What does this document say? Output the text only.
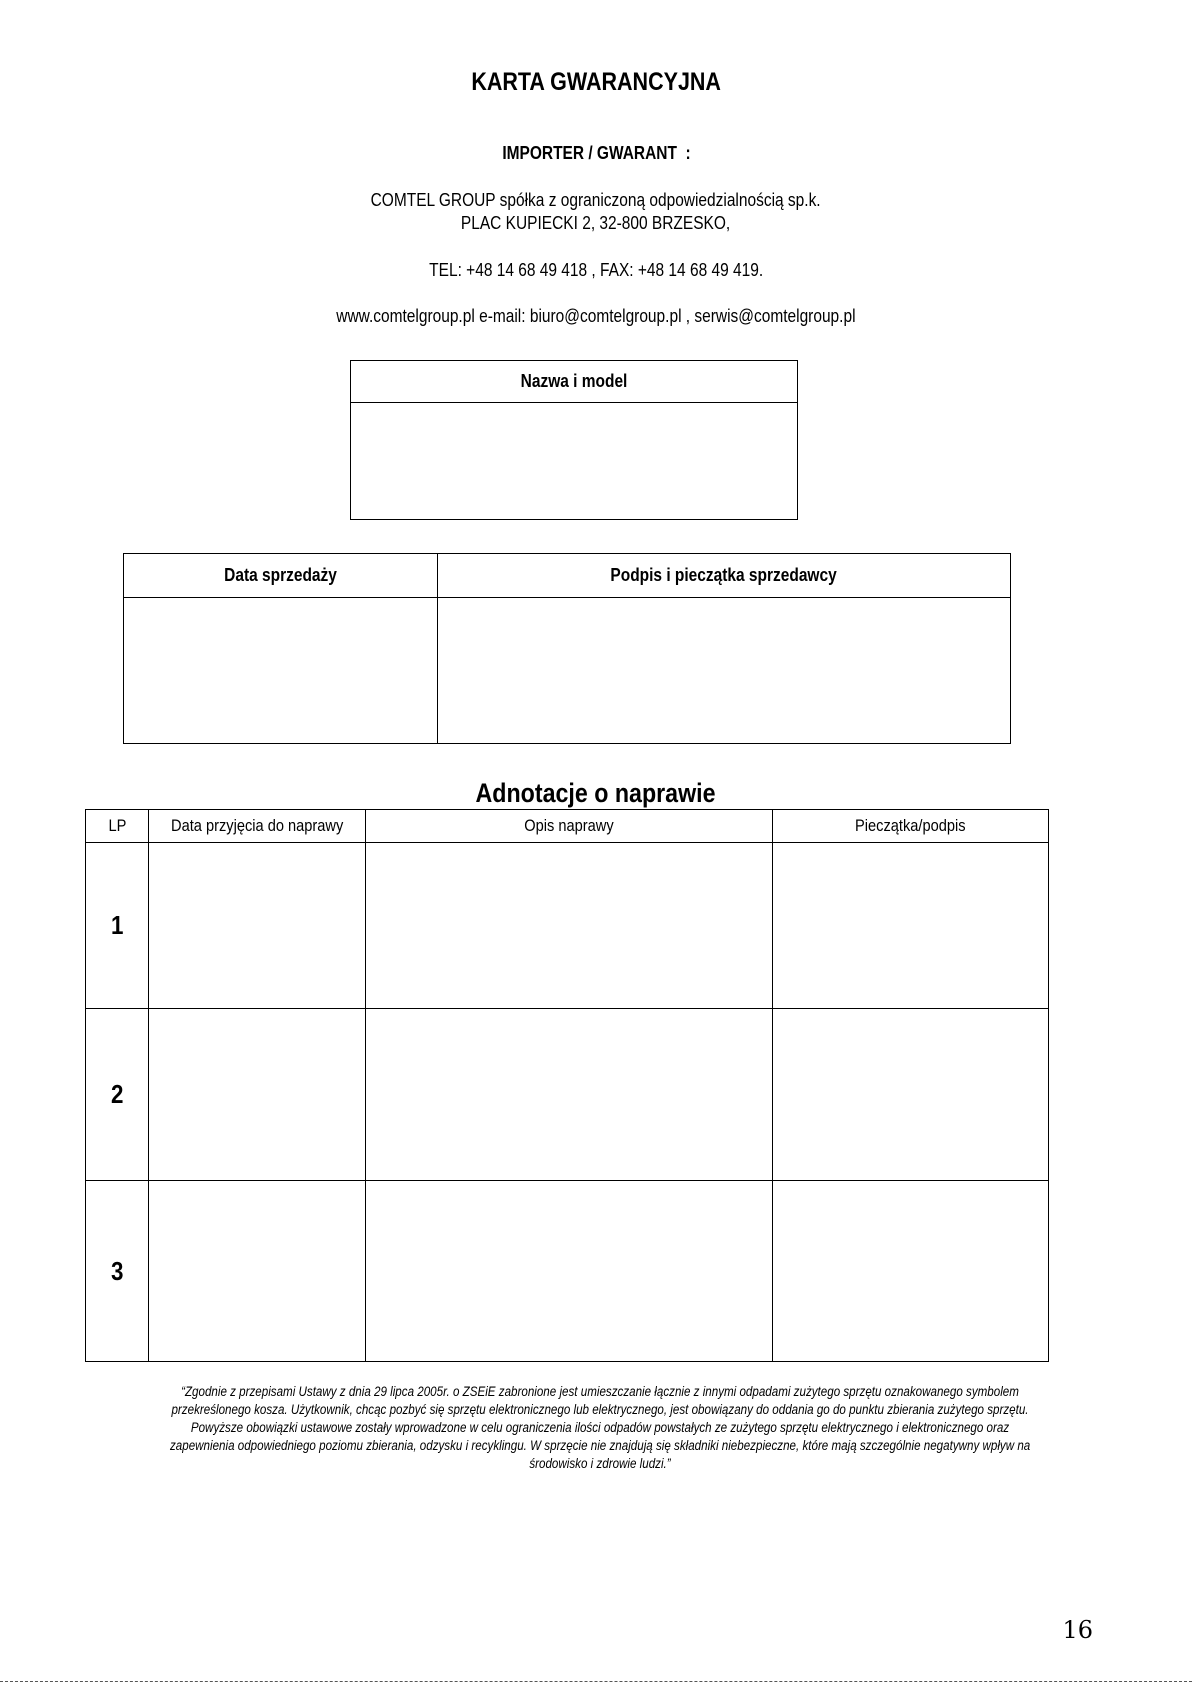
KARTA GWARANCYJNA
IMPORTER / GWARANT  :
COMTEL GROUP spółka z ograniczoną odpowiedzialnością sp.k.
PLAC KUPIECKI 2, 32-800 BRZESKO,
TEL: +48 14 68 49 418 , FAX: +48 14 68 49 419.
www.comtelgroup.pl e-mail: biuro@comtelgroup.pl , serwis@comtelgroup.pl
Nazwa i model

Data sprzedaży	Podpis i pieczątka sprzedawcy

Adnotacje o naprawie
LP	Data przyjęcia do naprawy	Opis naprawy	Pieczątka/podpis
1			
2			
3			
“Zgodnie z przepisami Ustawy z dnia 29 lipca 2005r. o ZSEiE zabronione jest umieszczanie łącznie z innymi odpadami zużytego sprzętu oznakowanego symbolem
przekreślonego kosza. Użytkownik, chcąc pozbyć się sprzętu elektronicznego lub elektrycznego, jest obowiązany do oddania go do punktu zbierania zużytego sprzętu.
Powyższe obowiązki ustawowe zostały wprowadzone w celu ograniczenia ilości odpadów powstałych ze zużytego sprzętu elektrycznego i elektronicznego oraz
zapewnienia odpowiedniego poziomu zbierania, odzysku i recyklingu. W sprzęcie nie znajdują się składniki niebezpieczne, które mają szczególnie negatywny wpływ na
środowisko i zdrowie ludzi.”
16
